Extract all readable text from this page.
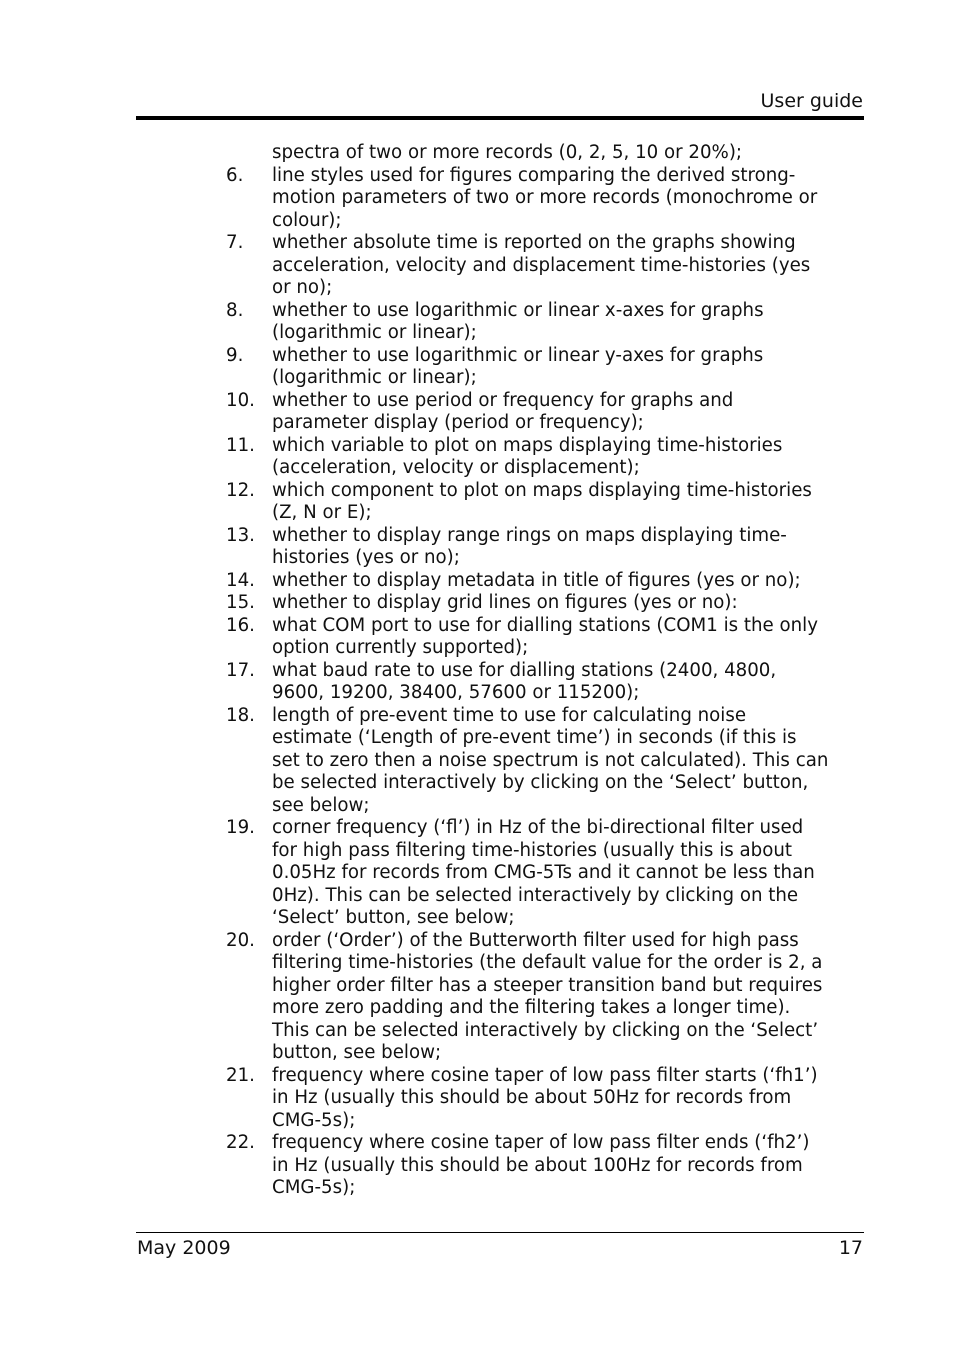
User guide
spectra of two or more records (0, 2, 5, 10 or 20%);
6. line styles used for figures comparing the derived strong-
motion parameters of two or more records (monochrome or
colour);
7. whether absolute time is reported on the graphs showing
acceleration, velocity and displacement time-histories (yes
or no);
8. whether to use logarithmic or linear x-axes for graphs
(logarithmic or linear);
9. whether to use logarithmic or linear y-axes for graphs
(logarithmic or linear);
10. whether to use period or frequency for graphs and
parameter display (period or frequency);
11. which variable to plot on maps displaying time-histories
(acceleration, velocity or displacement);
12. which component to plot on maps displaying time-histories
(Z, N or E);
13. whether to display range rings on maps displaying time-
histories (yes or no);
14. whether to display metadata in title of figures (yes or no);
15. whether to display grid lines on figures (yes or no):
16. what COM port to use for dialling stations (COM1 is the only
option currently supported);
17. what baud rate to use for dialling stations (2400, 4800,
9600, 19200, 38400, 57600 or 115200);
18. length of pre-event time to use for calculating noise
estimate (‘Length of pre-event time’) in seconds (if this is
set to zero then a noise spectrum is not calculated). This can
be selected interactively by clicking on the ‘Select’ button,
see below;
19. corner frequency (‘fl’) in Hz of the bi-directional filter used
for high pass filtering time-histories (usually this is about
0.05Hz for records from CMG-5Ts and it cannot be less than
0Hz). This can be selected interactively by clicking on the
‘Select’ button, see below;
20. order (‘Order’) of the Butterworth filter used for high pass
filtering time-histories (the default value for the order is 2, a
higher order filter has a steeper transition band but requires
more zero padding and the filtering takes a longer time).
This can be selected interactively by clicking on the ‘Select’
button, see below;
21. frequency where cosine taper of low pass filter starts (‘fh1’)
in Hz (usually this should be about 50Hz for records from
CMG-5s);
22. frequency where cosine taper of low pass filter ends (‘fh2’)
in Hz (usually this should be about 100Hz for records from
CMG-5s);
May 2009	17
